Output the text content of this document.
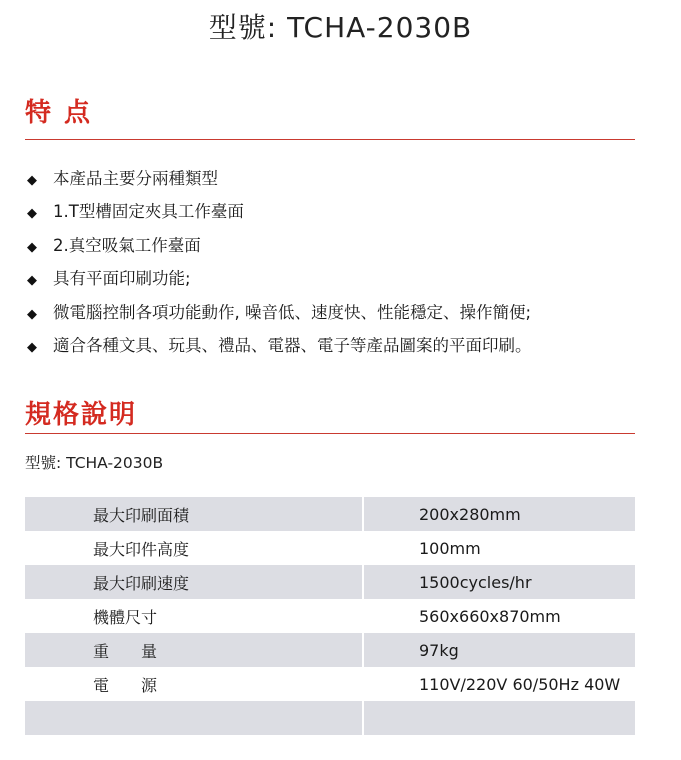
型號: TCHA-2030B
特 点
◆ 本產品主要分兩種類型
◆ 1.T型槽固定夾具工作臺面
◆ 2.真空吸氣工作臺面
◆ 具有平面印刷功能;
◆ 微電腦控制各項功能動作, 噪音低、速度快、性能穩定、操作簡便;
◆ 適合各種文具、玩具、禮品、電器、電子等產品圖案的平面印刷。
規格說明
型號: TCHA-2030B
最大印刷面積		200x280mm
最大印件高度		100mm
最大印刷速度		1500cycles/hr
機體尺寸		560x660x870mm
重　　量		97kg
電　　源		110V/220V 60/50Hz 40W
